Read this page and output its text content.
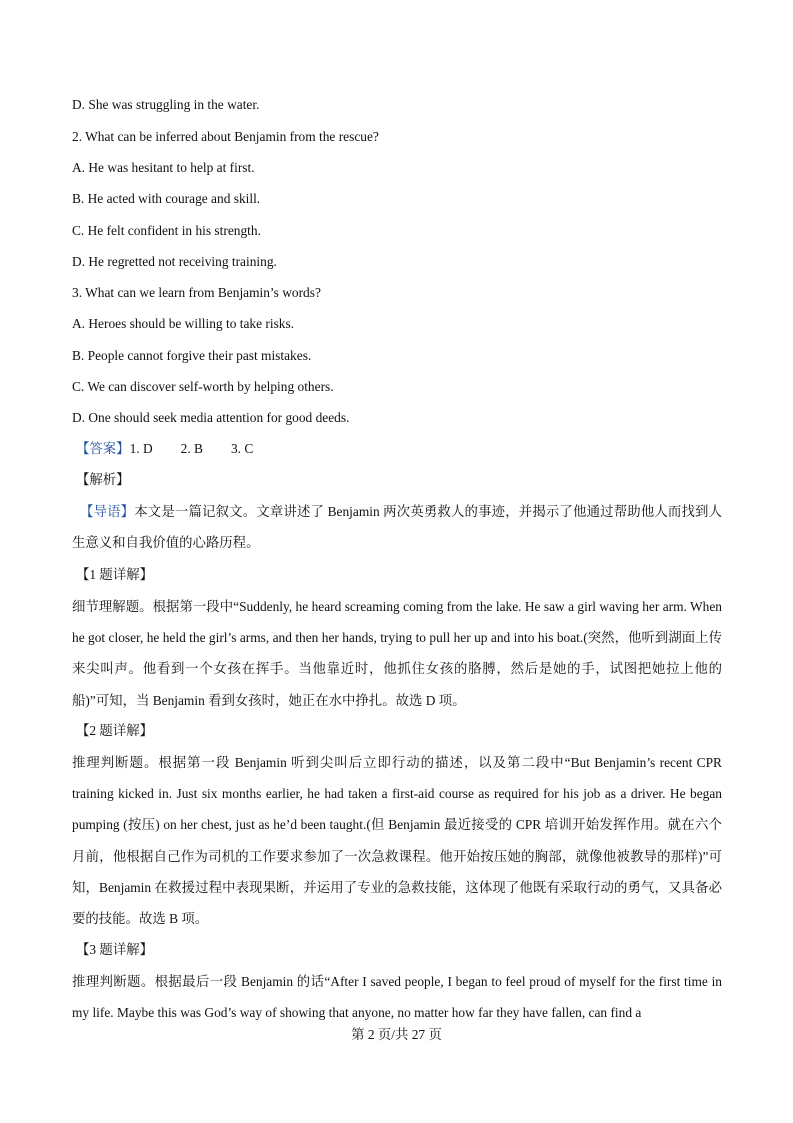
D. She was struggling in the water.
2. What can be inferred about Benjamin from the rescue?
A. He was hesitant to help at first.
B. He acted with courage and skill.
C. He felt confident in his strength.
D. He regretted not receiving training.
3. What can we learn from Benjamin’s words?
A. Heroes should be willing to take risks.
B. People cannot forgive their past mistakes.
C. We can discover self-worth by helping others.
D. One should seek media attention for good deeds.
【答案】1. D 2. B 3. C
【解析】
【导语】本文是一篇记叙文。文章讲述了 Benjamin 两次英勇救人的事迹，并揭示了他通过帮助他人而找到人生意义和自我价值的心路历程。
【1 题详解】
细节理解题。根据第一段中“Suddenly, he heard screaming coming from the lake. He saw a girl waving her arm. When he got closer, he held the girl’s arms, and then her hands, trying to pull her up and into his boat.(突然，他听到湖面上传来尖叫声。他看到一个女孩在挥手。当他靠近时，他抓住女孩的胳膊，然后是她的手，试图把她拉上他的船)”可知，当 Benjamin 看到女孩时，她正在水中挣扎。故选 D 项。
【2 题详解】
推理判断题。根据第一段 Benjamin 听到尖叫后立即行动的描述，以及第二段中“But Benjamin’s recent CPR training kicked in. Just six months earlier, he had taken a first-aid course as required for his job as a driver. He began pumping (按压) on her chest, just as he’d been taught.(但 Benjamin 最近接受的 CPR 培训开始发挥作用。就在六个月前，他根据自己作为司机的工作要求参加了一次急救课程。他开始按压她的胸部，就像他被教导的那样)”可知，Benjamin 在救援过程中表现果断，并运用了专业的急救技能，这体现了他既有采取行动的勇气，又具备必要的技能。故选 B 项。
【3 题详解】
推理判断题。根据最后一段 Benjamin 的话“After I saved people, I began to feel proud of myself for the first time in my life. Maybe this was God’s way of showing that anyone, no matter how far they have fallen, can find a
第 2 页/共 27 页
